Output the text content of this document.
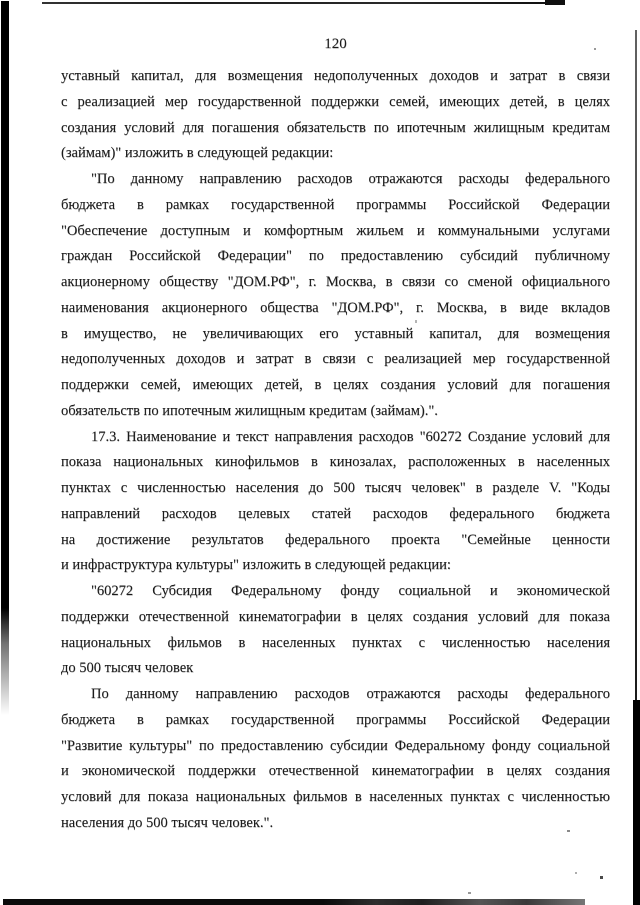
120
уставный капитал, для возмещения недополученных доходов и затрат в связи
с реализацией мер государственной поддержки семей, имеющих детей, в целях
создания условий для погашения обязательств по ипотечным жилищным кредитам
(займам)" изложить в следующей редакции:
"По данному направлению расходов отражаются расходы федерального
бюджета в рамках государственной программы Российской Федерации
"Обеспечение доступным и комфортным жильем и коммунальными услугами
граждан Российской Федерации" по предоставлению субсидий публичному
акционерному обществу "ДОМ.РФ", г. Москва, в связи со сменой официального
наименования акционерного общества "ДОМ.РФ", г. Москва, в виде вкладов
в имущество, не увеличивающих его уставный капитал, для возмещения
недополученных доходов и затрат в связи с реализацией мер государственной
поддержки семей, имеющих детей, в целях создания условий для погашения
обязательств по ипотечным жилищным кредитам (займам).".
17.3. Наименование и текст направления расходов "60272 Создание условий для
показа национальных кинофильмов в кинозалах, расположенных в населенных
пунктах с численностью населения до 500 тысяч человек" в разделе V. "Коды
направлений расходов целевых статей расходов федерального бюджета
на достижение результатов федерального проекта "Семейные ценности
и инфраструктура культуры" изложить в следующей редакции:
"60272 Субсидия Федеральному фонду социальной и экономической
поддержки отечественной кинематографии в целях создания условий для показа
национальных фильмов в населенных пунктах с численностью населения
до 500 тысяч человек
По данному направлению расходов отражаются расходы федерального
бюджета в рамках государственной программы Российской Федерации
"Развитие культуры" по предоставлению субсидии Федеральному фонду социальной
и экономической поддержки отечественной кинематографии в целях создания
условий для показа национальных фильмов в населенных пунктах с численностью
населения до 500 тысяч человек.".
